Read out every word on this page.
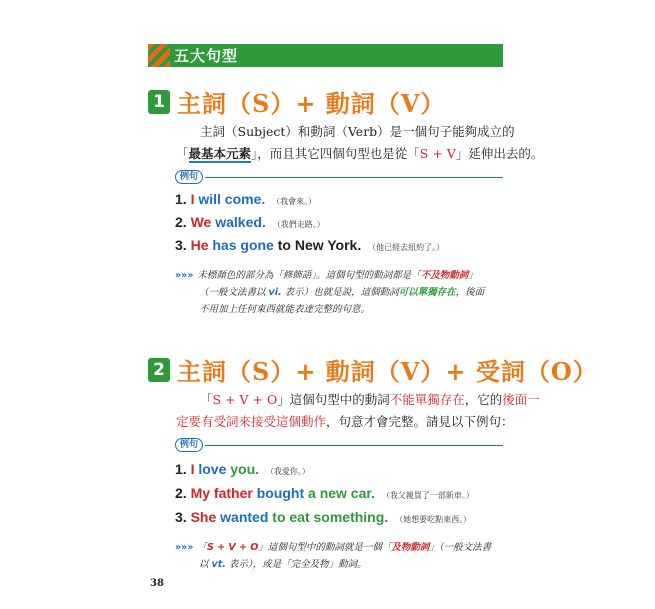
五大句型
1 主詞（S）+ 動詞（V）
主詞（Subject）和動詞（Verb）是一個句子能夠成立的
「最基本元素」，而且其它四個句型也是從「S + V」延伸出去的。
例句
1. I will come. （我會來。）
2. We walked. （我們走路。）
3. He has gone to New York. （他已經去紐約了。）
»»» 未標顏色的部分為「修飾語」。這個句型的動詞都是「不及物動詞」
（一般文法書以 vi. 表示）也就是說，這個動詞可以單獨存在，後面
不用加上任何東西就能表達完整的句意。
2 主詞（S）+ 動詞（V）+ 受詞（O）
「S + V + O」這個句型中的動詞不能單獨存在，它的後面一
定要有受詞來接受這個動作，句意才會完整。請見以下例句：
例句
1. I love you. （我愛你。）
2. My father bought a new car. （我父親買了一部新車。）
3. She wanted to eat something. （她想要吃點東西。）
»»» 「S + V + O」這個句型中的動詞就是一個「及物動詞」（一般文法書
以 vt. 表示），或是「完全及物」動詞。
38
